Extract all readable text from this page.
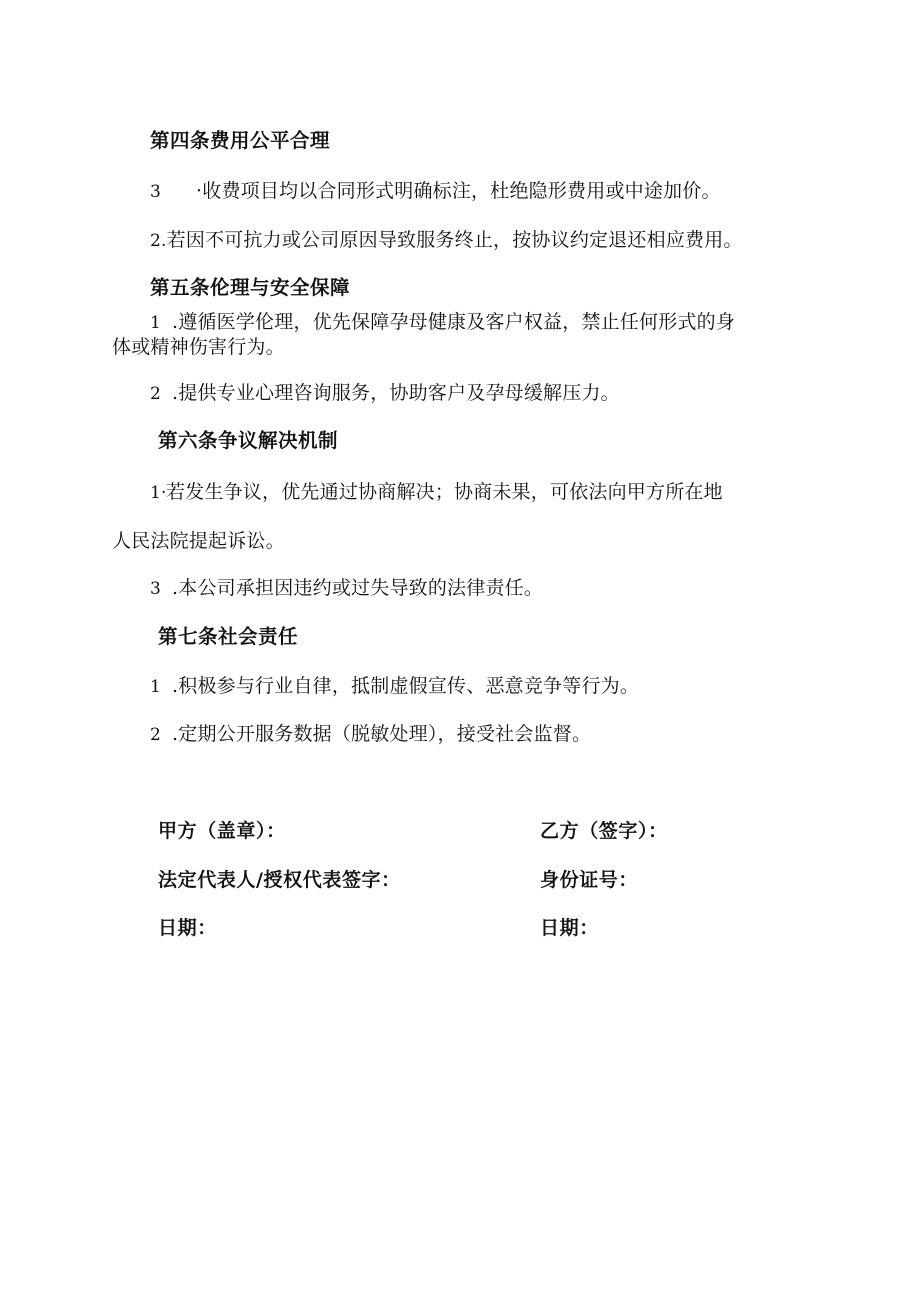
第四条费用公平合理
3 ·收费项目均以合同形式明确标注，杜绝隐形费用或中途加价。
2.若因不可抗力或公司原因导致服务终止，按协议约定退还相应费用。
第五条伦理与安全保障
1 .遵循医学伦理，优先保障孕母健康及客户权益，禁止任何形式的身
体或精神伤害行为。
2 .提供专业心理咨询服务，协助客户及孕母缓解压力。
第六条争议解决机制
1·若发生争议，优先通过协商解决；协商未果，可依法向甲方所在地
人民法院提起诉讼。
3 .本公司承担因违约或过失导致的法律责任。
第七条社会责任
1 .积极参与行业自律，抵制虚假宣传、恶意竞争等行为。
2 .定期公开服务数据（脱敏处理），接受社会监督。
甲方（盖章）：	乙方（签字）：
法定代表人/授权代表签字：	身份证号：
日期：	日期：
